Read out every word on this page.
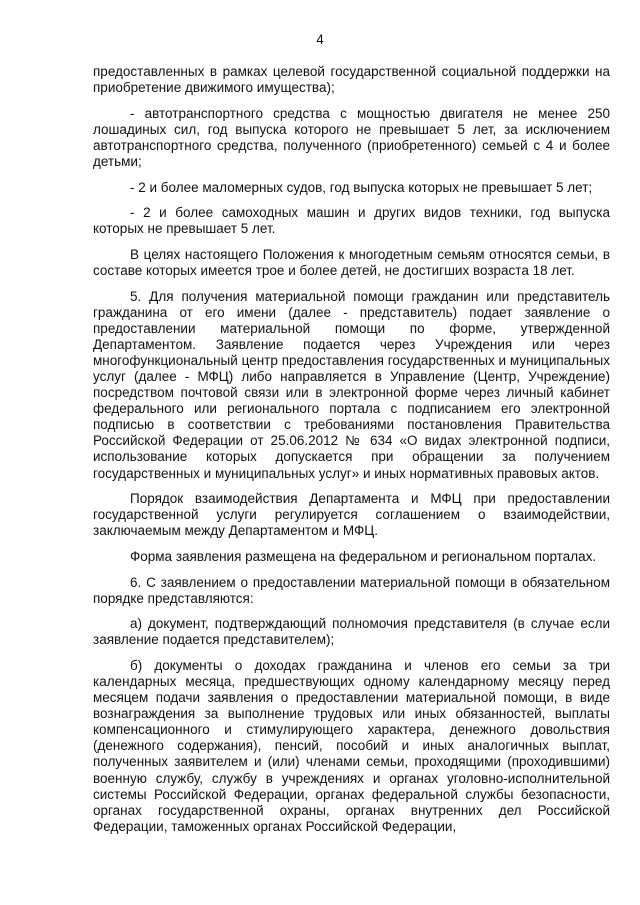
4

предоставленных в рамках целевой государственной социальной поддержки на приобретение движимого имущества);

- автотранспортного средства с мощностью двигателя не менее 250 лошадиных сил, год выпуска которого не превышает 5 лет, за исключением автотранспортного средства, полученного (приобретенного) семьей с 4 и более детьми;

- 2 и более маломерных судов, год выпуска которых не превышает 5 лет;

- 2 и более самоходных машин и других видов техники, год выпуска которых не превышает 5 лет.

В целях настоящего Положения к многодетным семьям относятся семьи, в составе которых имеется трое и более детей, не достигших возраста 18 лет.

5. Для получения материальной помощи гражданин или представитель гражданина от его имени (далее - представитель) подает заявление о предоставлении материальной помощи по форме, утвержденной Департаментом. Заявление подается через Учреждения или через многофункциональный центр предоставления государственных и муниципальных услуг (далее - МФЦ) либо направляется в Управление (Центр, Учреждение) посредством почтовой связи или в электронной форме через личный кабинет федерального или регионального портала с подписанием его электронной подписью в соответствии с требованиями постановления Правительства Российской Федерации от 25.06.2012 № 634 «О видах электронной подписи, использование которых допускается при обращении за получением государственных и муниципальных услуг» и иных нормативных правовых актов.

Порядок взаимодействия Департамента и МФЦ при предоставлении государственной услуги регулируется соглашением о взаимодействии, заключаемым между Департаментом и МФЦ.

Форма заявления размещена на федеральном и региональном порталах.

6. С заявлением о предоставлении материальной помощи в обязательном порядке представляются:

а) документ, подтверждающий полномочия представителя (в случае если заявление подается представителем);

б) документы о доходах гражданина и членов его семьи за три календарных месяца, предшествующих одному календарному месяцу перед месяцем подачи заявления о предоставлении материальной помощи, в виде вознаграждения за выполнение трудовых или иных обязанностей, выплаты компенсационного и стимулирующего характера, денежного довольствия (денежного содержания), пенсий, пособий и иных аналогичных выплат, полученных заявителем и (или) членами семьи, проходящими (проходившими) военную службу, службу в учреждениях и органах уголовно-исполнительной системы Российской Федерации, органах федеральной службы безопасности, органах государственной охраны, органах внутренних дел Российской Федерации, таможенных органах Российской Федерации,
